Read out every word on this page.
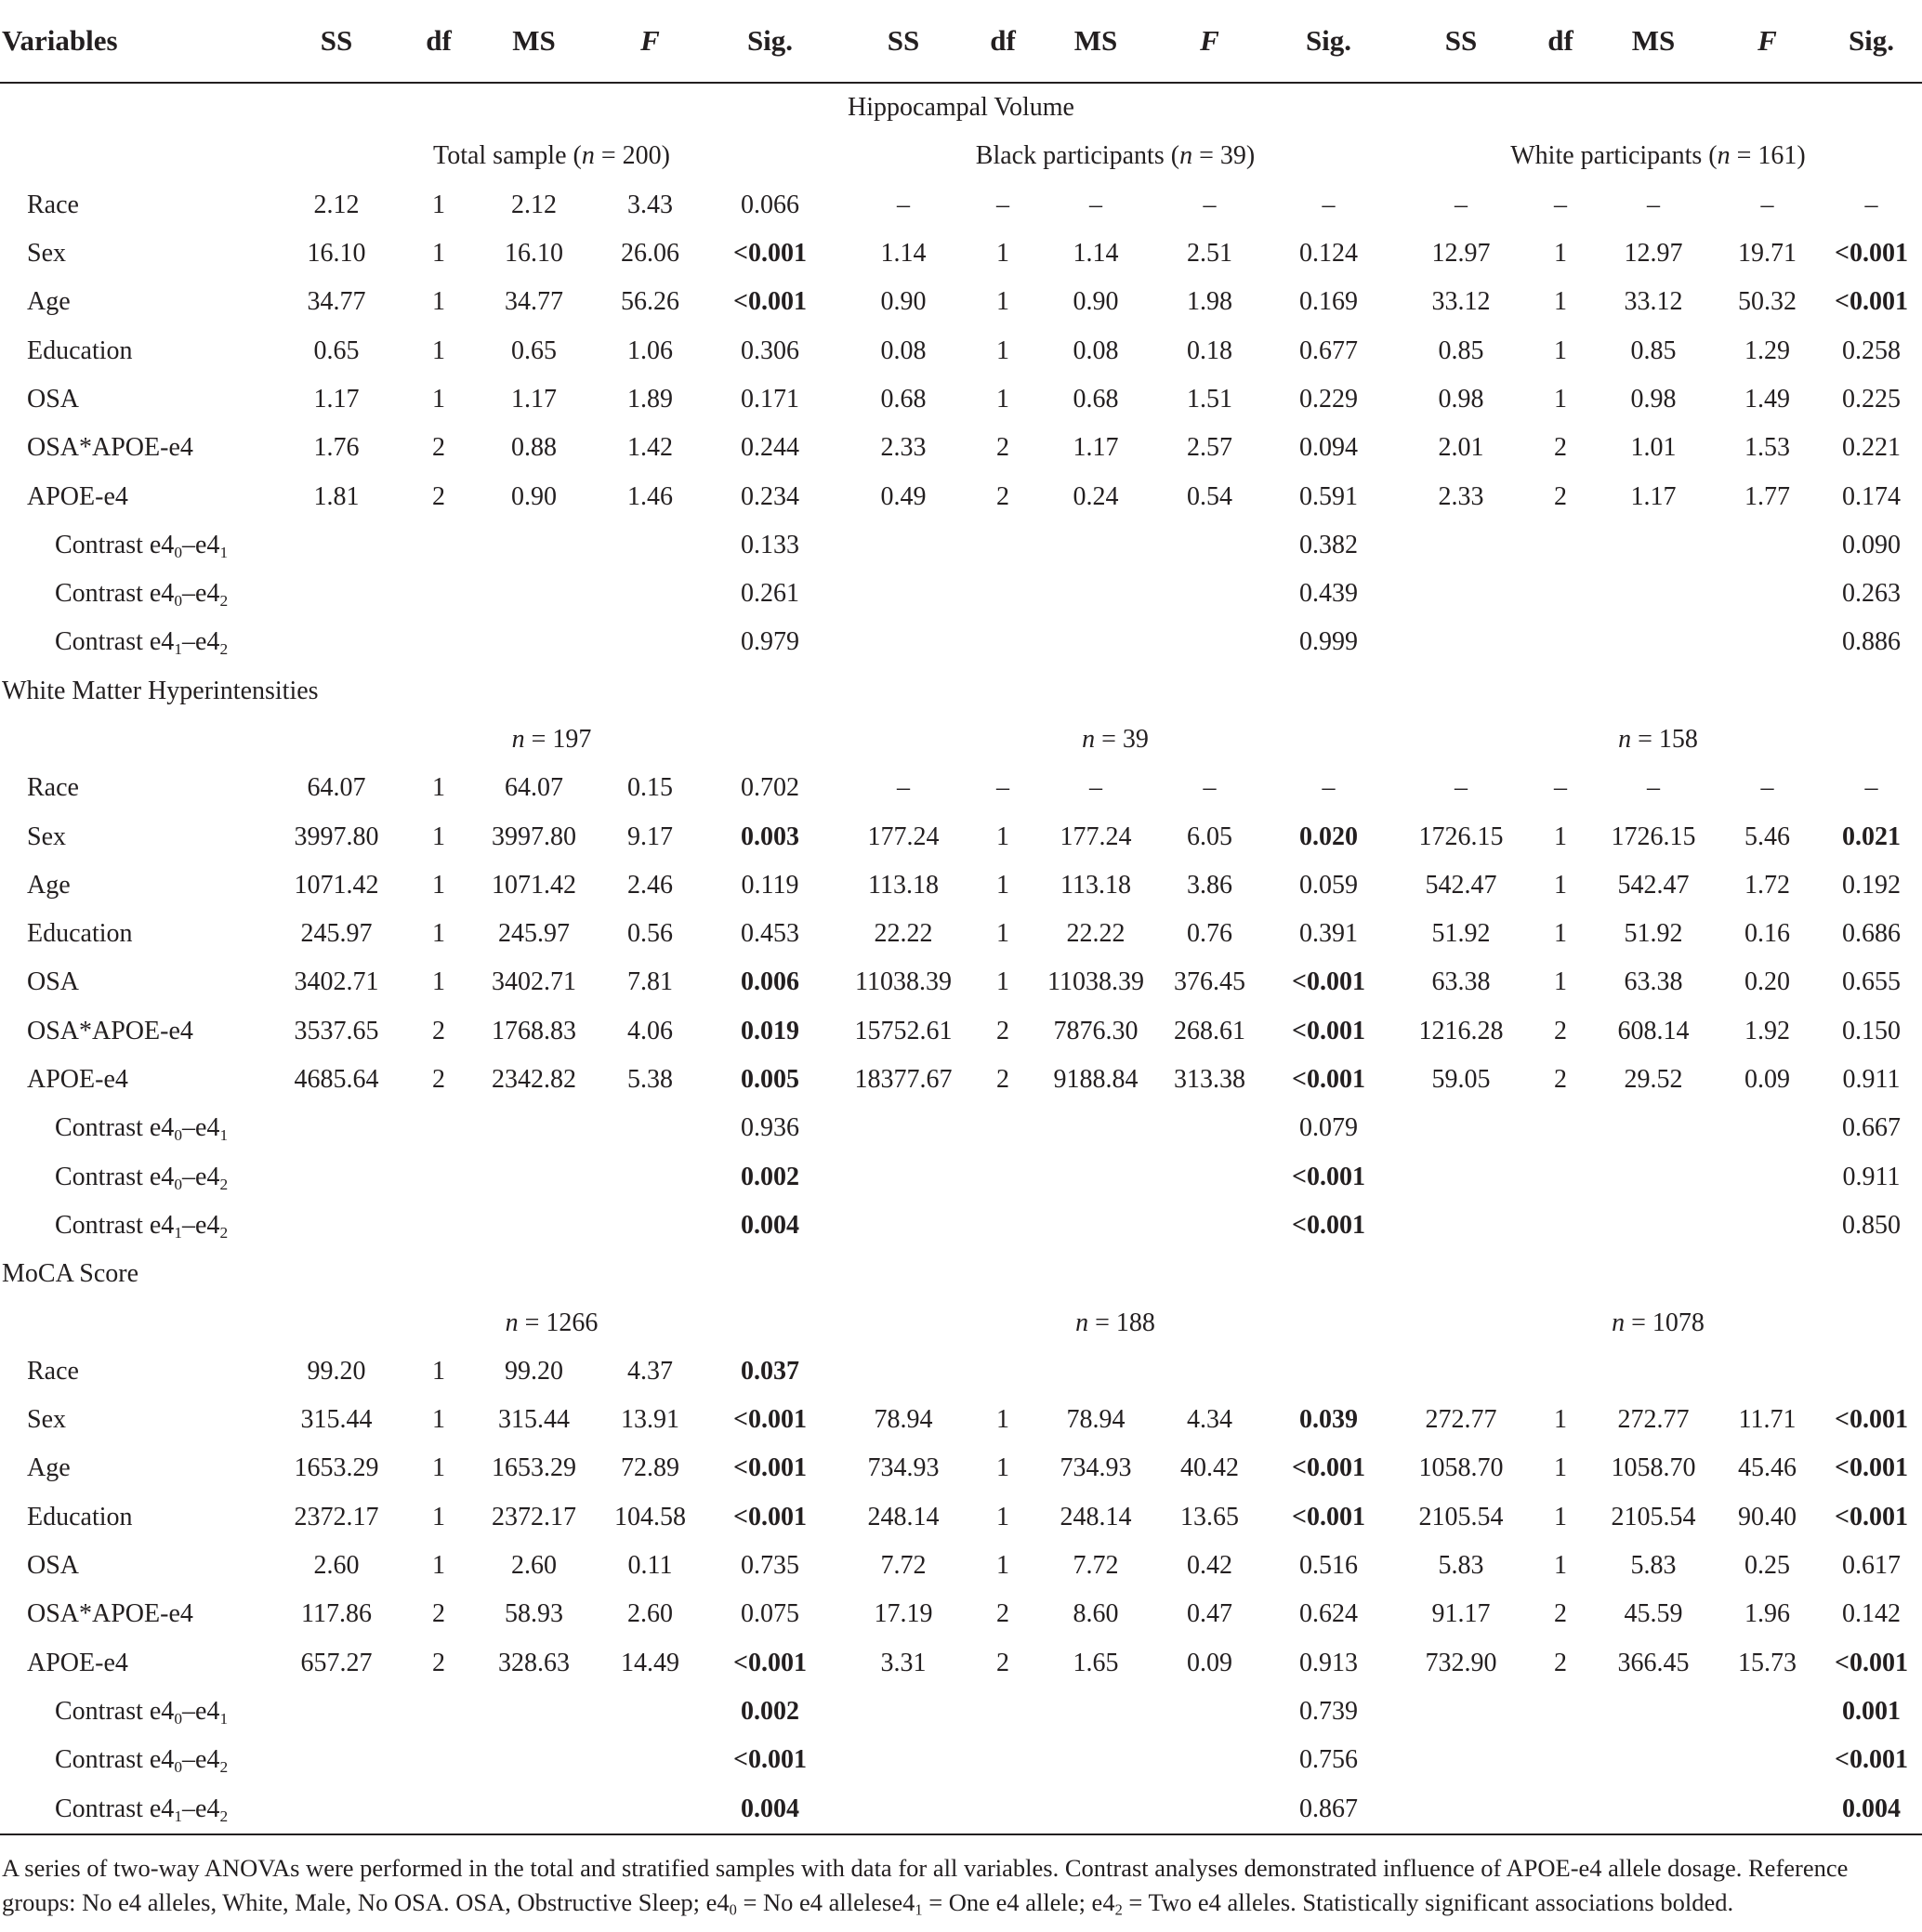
Variables	SS	df	MS	F	Sig.	SS	df	MS	F	Sig.	SS	df	MS	F	Sig.
Hippocampal Volume															
	Total sample (n = 200)					Black participants (n = 39)					White participants (n = 161)				
Race	2.12	1	2.12	3.43	0.066	–	–	–	–	–	–	–	–	–	–
Sex	16.10	1	16.10	26.06	<0.001	1.14	1	1.14	2.51	0.124	12.97	1	12.97	19.71	<0.001
Age	34.77	1	34.77	56.26	<0.001	0.90	1	0.90	1.98	0.169	33.12	1	33.12	50.32	<0.001
Education	0.65	1	0.65	1.06	0.306	0.08	1	0.08	0.18	0.677	0.85	1	0.85	1.29	0.258
OSA	1.17	1	1.17	1.89	0.171	0.68	1	0.68	1.51	0.229	0.98	1	0.98	1.49	0.225
OSA*APOE-e4	1.76	2	0.88	1.42	0.244	2.33	2	1.17	2.57	0.094	2.01	2	1.01	1.53	0.221
APOE-e4	1.81	2	0.90	1.46	0.234	0.49	2	0.24	0.54	0.591	2.33	2	1.17	1.77	0.174
Contrast $e4_0-e4_1$					0.133					0.382					0.090
Contrast $e4_0-e4_2$					0.261					0.439					0.263
Contrast $e4_1-e4_2$					0.979					0.999					0.886
White Matter Hyperintensities															
	n = 197					n = 39					n = 158				
Race	64.07	1	64.07	0.15	0.702	–	–	–	–	–	–	–	–	–	–
Sex	3997.80	1	3997.80	9.17	0.003	177.24	1	177.24	6.05	0.020	1726.15	1	1726.15	5.46	0.021
Age	1071.42	1	1071.42	2.46	0.119	113.18	1	113.18	3.86	0.059	542.47	1	542.47	1.72	0.192
Education	245.97	1	245.97	0.56	0.453	22.22	1	22.22	0.76	0.391	51.92	1	51.92	0.16	0.686
OSA	3402.71	1	3402.71	7.81	0.006	11038.39	1	11038.39	376.45	<0.001	63.38	1	63.38	0.20	0.655
OSA*APOE-e4	3537.65	2	1768.83	4.06	0.019	15752.61	2	7876.30	268.61	<0.001	1216.28	2	608.14	1.92	0.150
APOE-e4	4685.64	2	2342.82	5.38	0.005	18377.67	2	9188.84	313.38	<0.001	59.05	2	29.52	0.09	0.911
Contrast $e4_0-e4_1$					0.936					0.079					0.667
Contrast $e4_0-e4_2$					0.002					<0.001					0.911
Contrast $e4_1-e4_2$					0.004					<0.001					0.850
MoCA Score															
	n = 1266					n = 188					n = 1078				
Race	99.20	1	99.20	4.37	0.037										
Sex	315.44	1	315.44	13.91	<0.001	78.94	1	78.94	4.34	0.039	272.77	1	272.77	11.71	<0.001
Age	1653.29	1	1653.29	72.89	<0.001	734.93	1	734.93	40.42	<0.001	1058.70	1	1058.70	45.46	<0.001
Education	2372.17	1	2372.17	104.58	<0.001	248.14	1	248.14	13.65	<0.001	2105.54	1	2105.54	90.40	<0.001
OSA	2.60	1	2.60	0.11	0.735	7.72	1	7.72	0.42	0.516	5.83	1	5.83	0.25	0.617
OSA*APOE-e4	117.86	2	58.93	2.60	0.075	17.19	2	8.60	0.47	0.624	91.17	2	45.59	1.96	0.142
APOE-e4	657.27	2	328.63	14.49	<0.001	3.31	2	1.65	0.09	0.913	732.90	2	366.45	15.73	<0.001
Contrast $e4_0-e4_1$					0.002					0.739					0.001
Contrast $e4_0-e4_2$					<0.001					0.756					<0.001
Contrast $e4_1-e4_2$					0.004					0.867					0.004
A series of two-way ANOVAs were performed in the total and stratified samples with data for all variables. Contrast analyses demonstrated influence of APOE-e4 allele dosage. Reference groups: No e4 alleles, White, Male, No OSA. OSA, Obstructive Sleep; $e4_0 = No$ e4 $allelese4_1$ = One e4 allele; $e4_2$ = Two e4 alleles. Statistically significant associations bolded.
